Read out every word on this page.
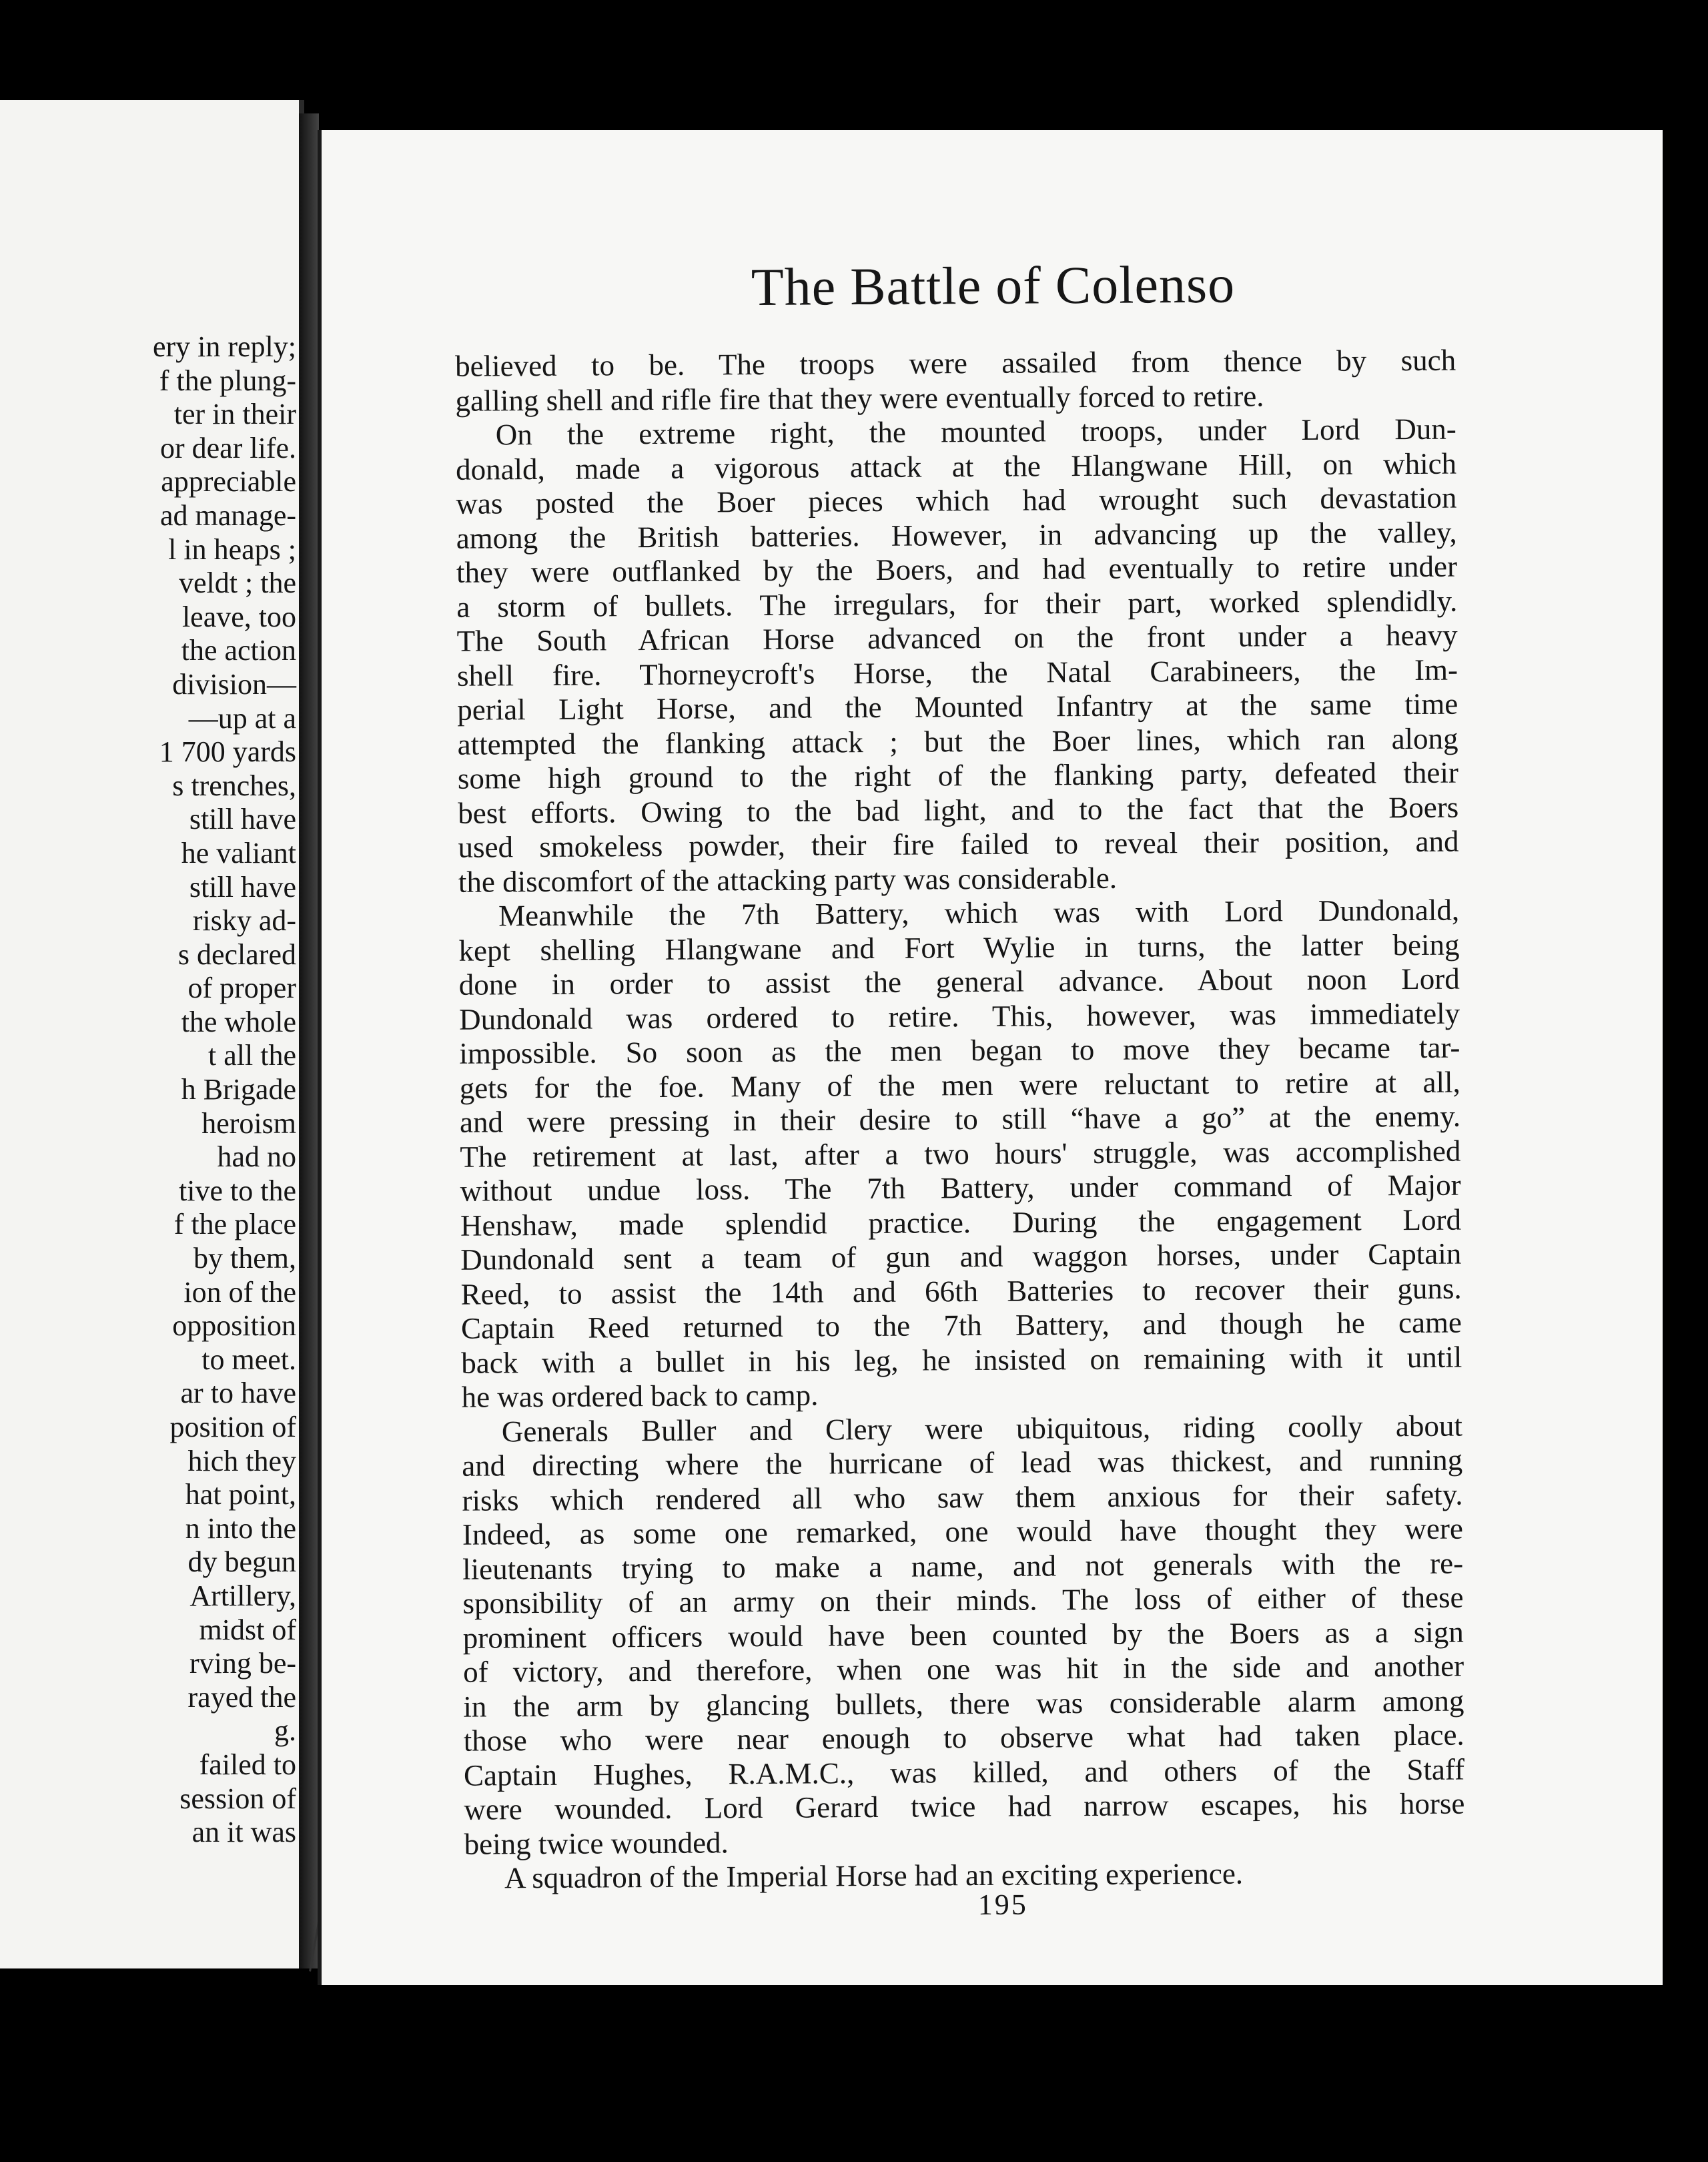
ery in reply;
f the plung-
ter in their
or dear life.
appreciable
ad manage-
l in heaps ;
veldt ; the
leave, too
the action
division—
—up at a
1 700 yards
s trenches,
still have
he valiant
still have
risky ad-
s declared
of proper
the whole
t all the
h Brigade
heroism
had no
tive to the
f the place
by them,
ion of the
opposition
to meet.
ar to have
position of
hich they
hat point,
n into the
dy begun
Artillery,
midst of
rving be-
rayed the
g.
failed to
session of
an it was
The Battle of Colenso
believed to be. The troops were assailed from thence by such
galling shell and rifle fire that they were eventually forced to retire.
On the extreme right, the mounted troops, under Lord Dun-
donald, made a vigorous attack at the Hlangwane Hill, on which
was posted the Boer pieces which had wrought such devastation
among the British batteries. However, in advancing up the valley,
they were outflanked by the Boers, and had eventually to retire under
a storm of bullets. The irregulars, for their part, worked splendidly.
The South African Horse advanced on the front under a heavy
shell fire. Thorneycroft's Horse, the Natal Carabineers, the Im-
perial Light Horse, and the Mounted Infantry at the same time
attempted the flanking attack ; but the Boer lines, which ran along
some high ground to the right of the flanking party, defeated their
best efforts. Owing to the bad light, and to the fact that the Boers
used smokeless powder, their fire failed to reveal their position, and
the discomfort of the attacking party was considerable.
Meanwhile the 7th Battery, which was with Lord Dundonald,
kept shelling Hlangwane and Fort Wylie in turns, the latter being
done in order to assist the general advance. About noon Lord
Dundonald was ordered to retire. This, however, was immediately
impossible. So soon as the men began to move they became tar-
gets for the foe. Many of the men were reluctant to retire at all,
and were pressing in their desire to still “have a go” at the enemy.
The retirement at last, after a two hours' struggle, was accomplished
without undue loss. The 7th Battery, under command of Major
Henshaw, made splendid practice. During the engagement Lord
Dundonald sent a team of gun and waggon horses, under Captain
Reed, to assist the 14th and 66th Batteries to recover their guns.
Captain Reed returned to the 7th Battery, and though he came
back with a bullet in his leg, he insisted on remaining with it until
he was ordered back to camp.
Generals Buller and Clery were ubiquitous, riding coolly about
and directing where the hurricane of lead was thickest, and running
risks which rendered all who saw them anxious for their safety.
Indeed, as some one remarked, one would have thought they were
lieutenants trying to make a name, and not generals with the re-
sponsibility of an army on their minds. The loss of either of these
prominent officers would have been counted by the Boers as a sign
of victory, and therefore, when one was hit in the side and another
in the arm by glancing bullets, there was considerable alarm among
those who were near enough to observe what had taken place.
Captain Hughes, R.A.M.C., was killed, and others of the Staff
were wounded. Lord Gerard twice had narrow escapes, his horse
being twice wounded.
A squadron of the Imperial Horse had an exciting experience.
195
